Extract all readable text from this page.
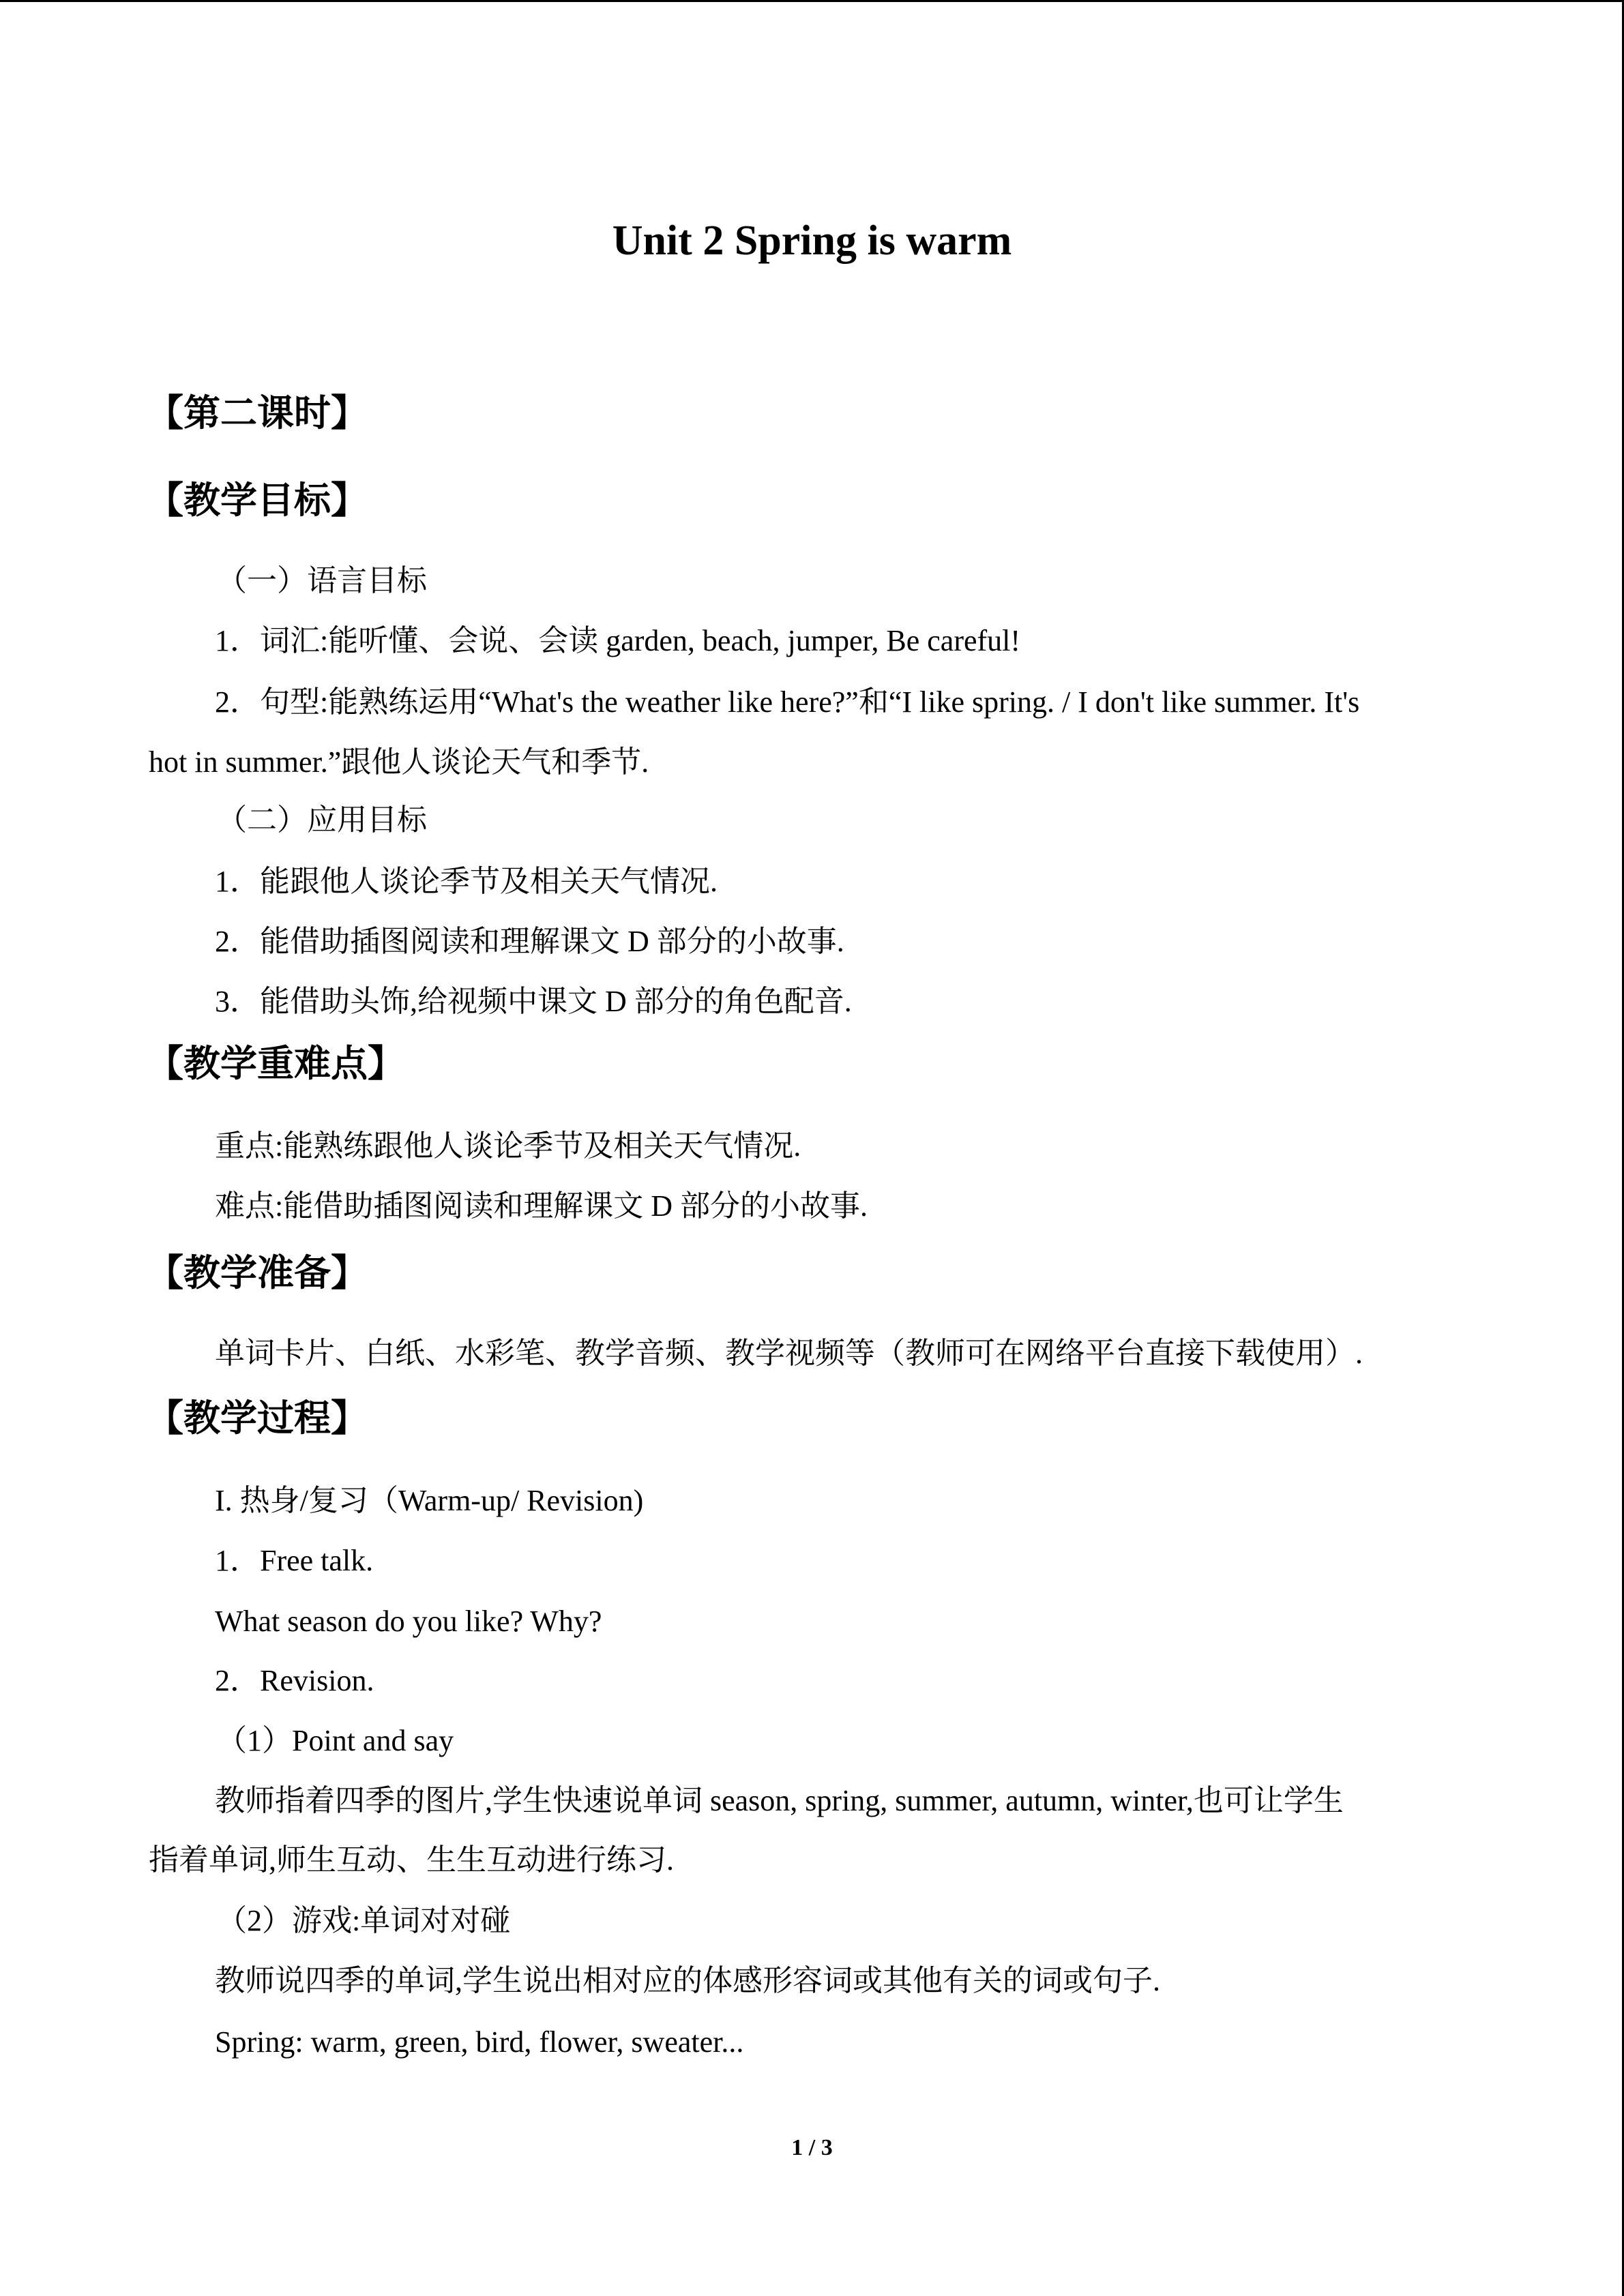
Unit 2 Spring is warm
【第二课时】
【教学目标】
（一）语言目标
1．词汇:能听懂、会说、会读 garden, beach, jumper, Be careful!
2．句型:能熟练运用“What's the weather like here?”和“I like spring. / I don't like summer. It's
hot in summer.”跟他人谈论天气和季节.
（二）应用目标
1．能跟他人谈论季节及相关天气情况.
2．能借助插图阅读和理解课文 D 部分的小故事.
3．能借助头饰,给视频中课文 D 部分的角色配音.
【教学重难点】
重点:能熟练跟他人谈论季节及相关天气情况.
难点:能借助插图阅读和理解课文 D 部分的小故事.
【教学准备】
单词卡片、白纸、水彩笔、教学音频、教学视频等（教师可在网络平台直接下载使用）.
【教学过程】
I. 热身/复习（Warm-up/ Revision)
1．Free talk.
What season do you like? Why?
2．Revision.
（1）Point and say
教师指着四季的图片,学生快速说单词 season, spring, summer, autumn, winter,也可让学生
指着单词,师生互动、生生互动进行练习.
（2）游戏:单词对对碰
教师说四季的单词,学生说出相对应的体感形容词或其他有关的词或句子.
Spring: warm, green, bird, flower, sweater...
1 / 3
